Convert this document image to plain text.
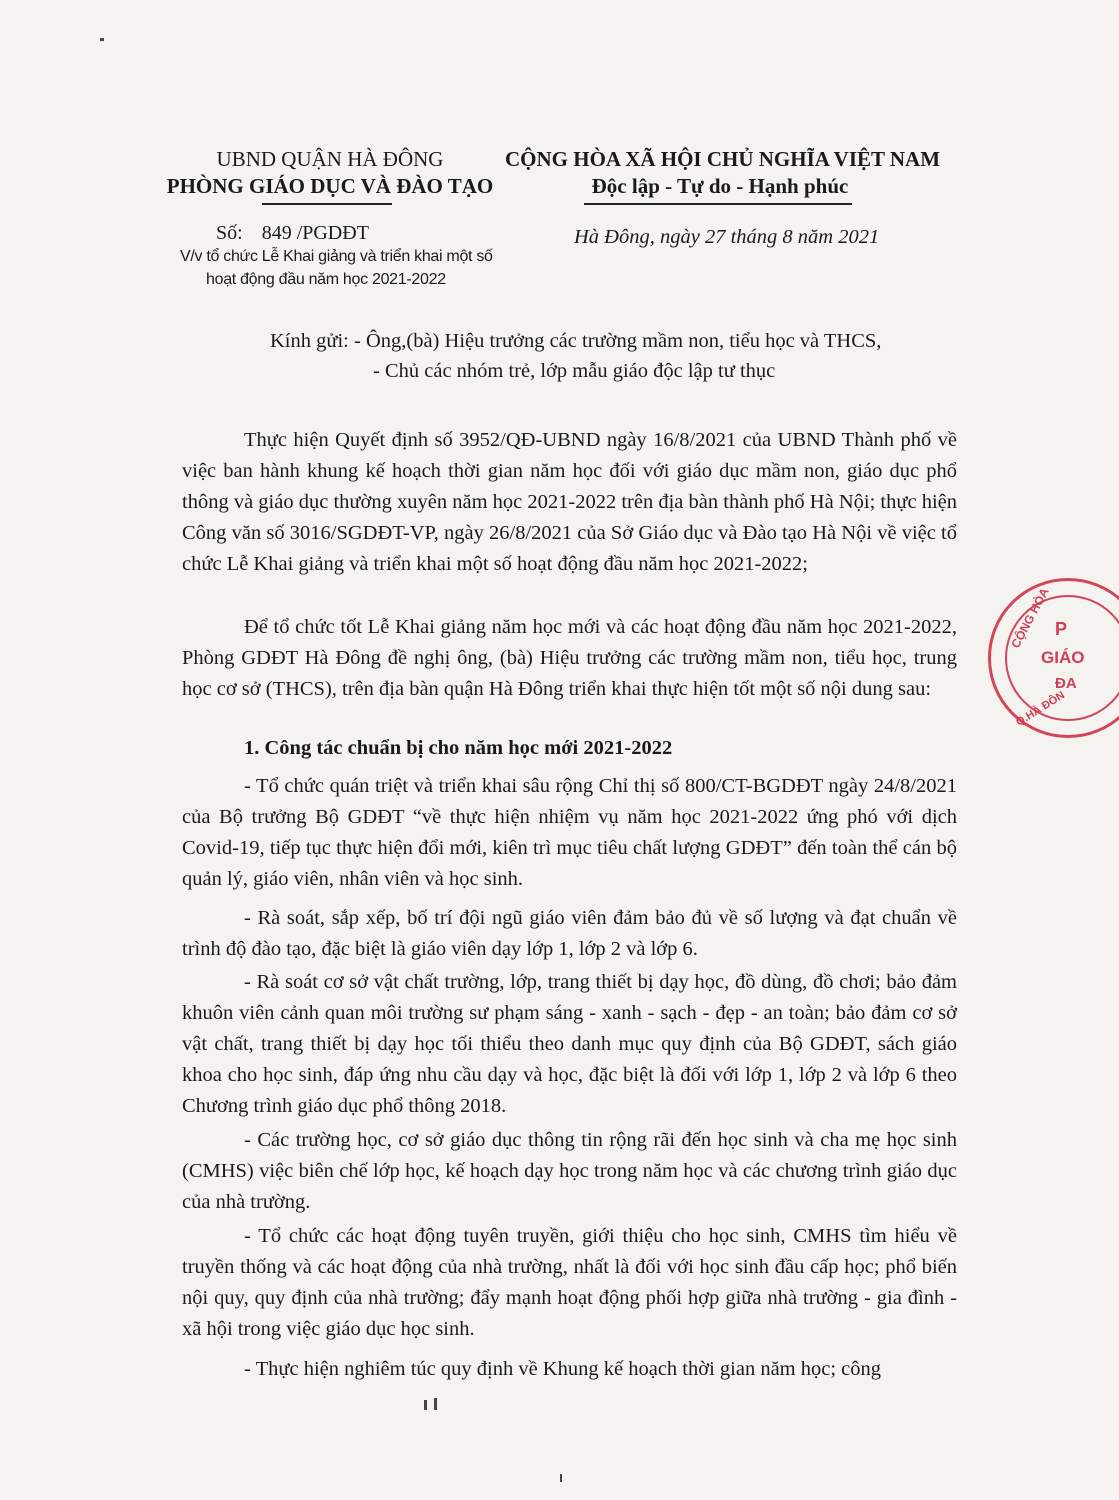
UBND QUẬN HÀ ĐÔNG
PHÒNG GIÁO DỤC VÀ ĐÀO TẠO
Số: 849 /PGDĐT
V/v tổ chức Lễ Khai giảng và triển khai một số
hoạt động đầu năm học 2021-2022
CỘNG HÒA XÃ HỘI CHỦ NGHĨA VIỆT NAM
Độc lập - Tự do - Hạnh phúc
Hà Đông, ngày 27 tháng 8 năm 2021
Kính gửi: - Ông,(bà) Hiệu trưởng các trường mầm non, tiểu học và THCS,
- Chủ các nhóm trẻ, lớp mẫu giáo độc lập tư thục
Thực hiện Quyết định số 3952/QĐ-UBND ngày 16/8/2021 của UBND Thành phố về việc ban hành khung kế hoạch thời gian năm học đối với giáo dục mầm non, giáo dục phổ thông và giáo dục thường xuyên năm học 2021-2022 trên địa bàn thành phố Hà Nội; thực hiện Công văn số 3016/SGDĐT-VP, ngày 26/8/2021 của Sở Giáo dục và Đào tạo Hà Nội về việc tổ chức Lễ Khai giảng và triển khai một số hoạt động đầu năm học 2021-2022;
Để tổ chức tốt Lễ Khai giảng năm học mới và các hoạt động đầu năm học 2021-2022, Phòng GDĐT Hà Đông đề nghị ông, (bà) Hiệu trưởng các trường mầm non, tiểu học, trung học cơ sở (THCS), trên địa bàn quận Hà Đông triển khai thực hiện tốt một số nội dung sau:
1. Công tác chuẩn bị cho năm học mới 2021-2022
- Tổ chức quán triệt và triển khai sâu rộng Chỉ thị số 800/CT-BGDĐT ngày 24/8/2021 của Bộ trưởng Bộ GDĐT “về thực hiện nhiệm vụ năm học 2021-2022 ứng phó với dịch Covid-19, tiếp tục thực hiện đổi mới, kiên trì mục tiêu chất lượng GDĐT” đến toàn thể cán bộ quản lý, giáo viên, nhân viên và học sinh.
- Rà soát, sắp xếp, bố trí đội ngũ giáo viên đảm bảo đủ về số lượng và đạt chuẩn về trình độ đào tạo, đặc biệt là giáo viên dạy lớp 1, lớp 2 và lớp 6.
- Rà soát cơ sở vật chất trường, lớp, trang thiết bị dạy học, đồ dùng, đồ chơi; bảo đảm khuôn viên cảnh quan môi trường sư phạm sáng - xanh - sạch - đẹp - an toàn; bảo đảm cơ sở vật chất, trang thiết bị dạy học tối thiểu theo danh mục quy định của Bộ GDĐT, sách giáo khoa cho học sinh, đáp ứng nhu cầu dạy và học, đặc biệt là đối với lớp 1, lớp 2 và lớp 6 theo Chương trình giáo dục phổ thông 2018.
- Các trường học, cơ sở giáo dục thông tin rộng rãi đến học sinh và cha mẹ học sinh (CMHS) việc biên chế lớp học, kế hoạch dạy học trong năm học và các chương trình giáo dục của nhà trường.
- Tổ chức các hoạt động tuyên truyền, giới thiệu cho học sinh, CMHS tìm hiểu về truyền thống và các hoạt động của nhà trường, nhất là đối với học sinh đầu cấp học; phổ biến nội quy, quy định của nhà trường; đẩy mạnh hoạt động phối hợp giữa nhà trường - gia đình - xã hội trong việc giáo dục học sinh.
- Thực hiện nghiêm túc quy định về Khung kế hoạch thời gian năm học; công
CỘNG HÒA P
GIÁO
ĐA
Q.HÀ ĐÔN
